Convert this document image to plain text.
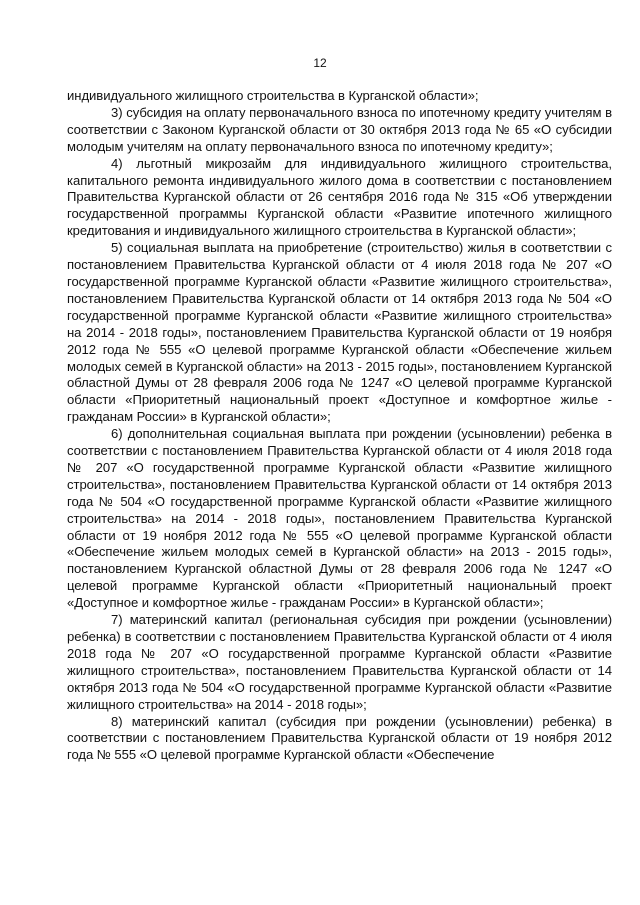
12

индивидуального жилищного строительства в Курганской области»;

3) субсидия на оплату первоначального взноса по ипотечному кредиту учителям в соответствии с Законом Курганской области от 30 октября 2013 года № 65 «О субсидии молодым учителям на оплату первоначального взноса по ипотечному кредиту»;

4) льготный микрозайм для индивидуального жилищного строительства, капитального ремонта индивидуального жилого дома в соответствии с постановлением Правительства Курганской области от 26 сентября 2016 года № 315 «Об утверждении государственной программы Курганской области «Развитие ипотечного жилищного кредитования и индивидуального жилищного строительства в Курганской области»;

5) социальная выплата на приобретение (строительство) жилья в соответствии с постановлением Правительства Курганской области от 4 июля 2018 года № 207 «О государственной программе Курганской области «Развитие жилищного строительства», постановлением Правительства Курганской области от 14 октября 2013 года № 504 «О государственной программе Курганской области «Развитие жилищного строительства» на 2014 - 2018 годы», постановлением Правительства Курганской области от 19 ноября 2012 года № 555 «О целевой программе Курганской области «Обеспечение жильем молодых семей в Курганской области» на 2013 - 2015 годы», постановлением Курганской областной Думы от 28 февраля 2006 года № 1247 «О целевой программе Курганской области «Приоритетный национальный проект «Доступное и комфортное жилье - гражданам России» в Курганской области»;

6) дополнительная социальная выплата при рождении (усыновлении) ребенка в соответствии с постановлением Правительства Курганской области от 4 июля 2018 года № 207 «О государственной программе Курганской области «Развитие жилищного строительства», постановлением Правительства Курганской области от 14 октября 2013 года № 504 «О государственной программе Курганской области «Развитие жилищного строительства» на 2014 - 2018 годы», постановлением Правительства Курганской области от 19 ноября 2012 года № 555 «О целевой программе Курганской области «Обеспечение жильем молодых семей в Курганской области» на 2013 - 2015 годы», постановлением Курганской областной Думы от 28 февраля 2006 года № 1247 «О целевой программе Курганской области «Приоритетный национальный проект «Доступное и комфортное жилье - гражданам России» в Курганской области»;

7) материнский капитал (региональная субсидия при рождении (усыновлении) ребенка) в соответствии с постановлением Правительства Курганской области от 4 июля 2018 года № 207 «О государственной программе Курганской области «Развитие жилищного строительства», постановлением Правительства Курганской области от 14 октября 2013 года № 504 «О государственной программе Курганской области «Развитие жилищного строительства» на 2014 - 2018 годы»;

8) материнский капитал (субсидия при рождении (усыновлении) ребенка) в соответствии с постановлением Правительства Курганской области от 19 ноября 2012 года № 555 «О целевой программе Курганской области «Обеспечение
